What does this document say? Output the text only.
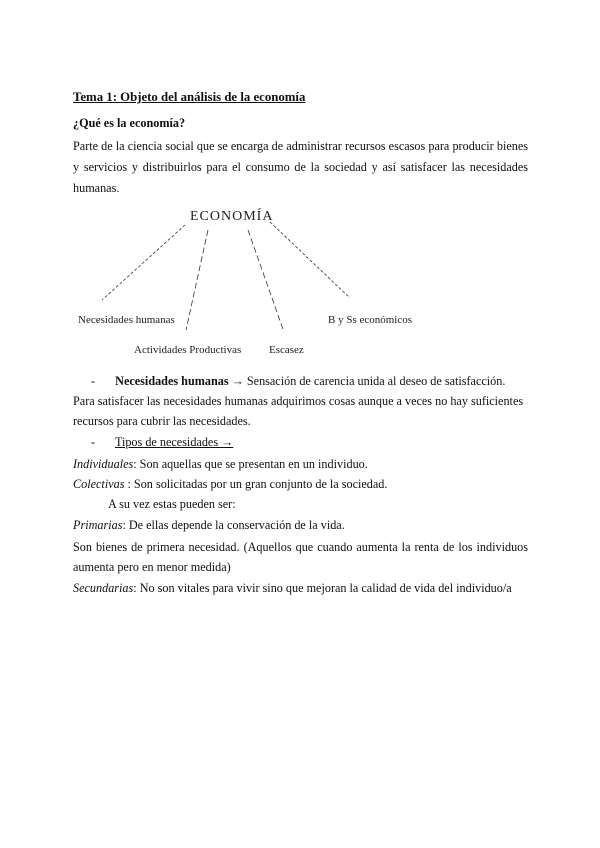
Tema 1: Objeto del análisis de la economía
¿Qué es la economía?
Parte de la ciencia social que se encarga de administrar recursos escasos para producir bienes y servicios y distribuirlos para el consumo de la sociedad y así satisfacer las necesidades humanas.
ECONOMÍA
Necesidades humanas
Actividades Productivas	Escasez
B y Ss económicos
- Necesidades humanas → Sensación de carencia unida al deseo de satisfacción.
Para satisfacer las necesidades humanas adquirimos cosas aunque a veces no hay suficientes
recursos para cubrir las necesidades.
- Tipos de necesidades →
Individuales: Son aquellas que se presentan en un individuo.
Colectivas : Son solicitadas por un gran conjunto de la sociedad.
A su vez estas pueden ser:
Primarias: De ellas depende la conservación de la vida.
Son bienes de primera necesidad. (Aquellos que cuando aumenta la renta de los individuos
aumenta pero en menor medida)
Secundarias: No son vitales para vivir sino que mejoran la calidad de vida del individuo/a
